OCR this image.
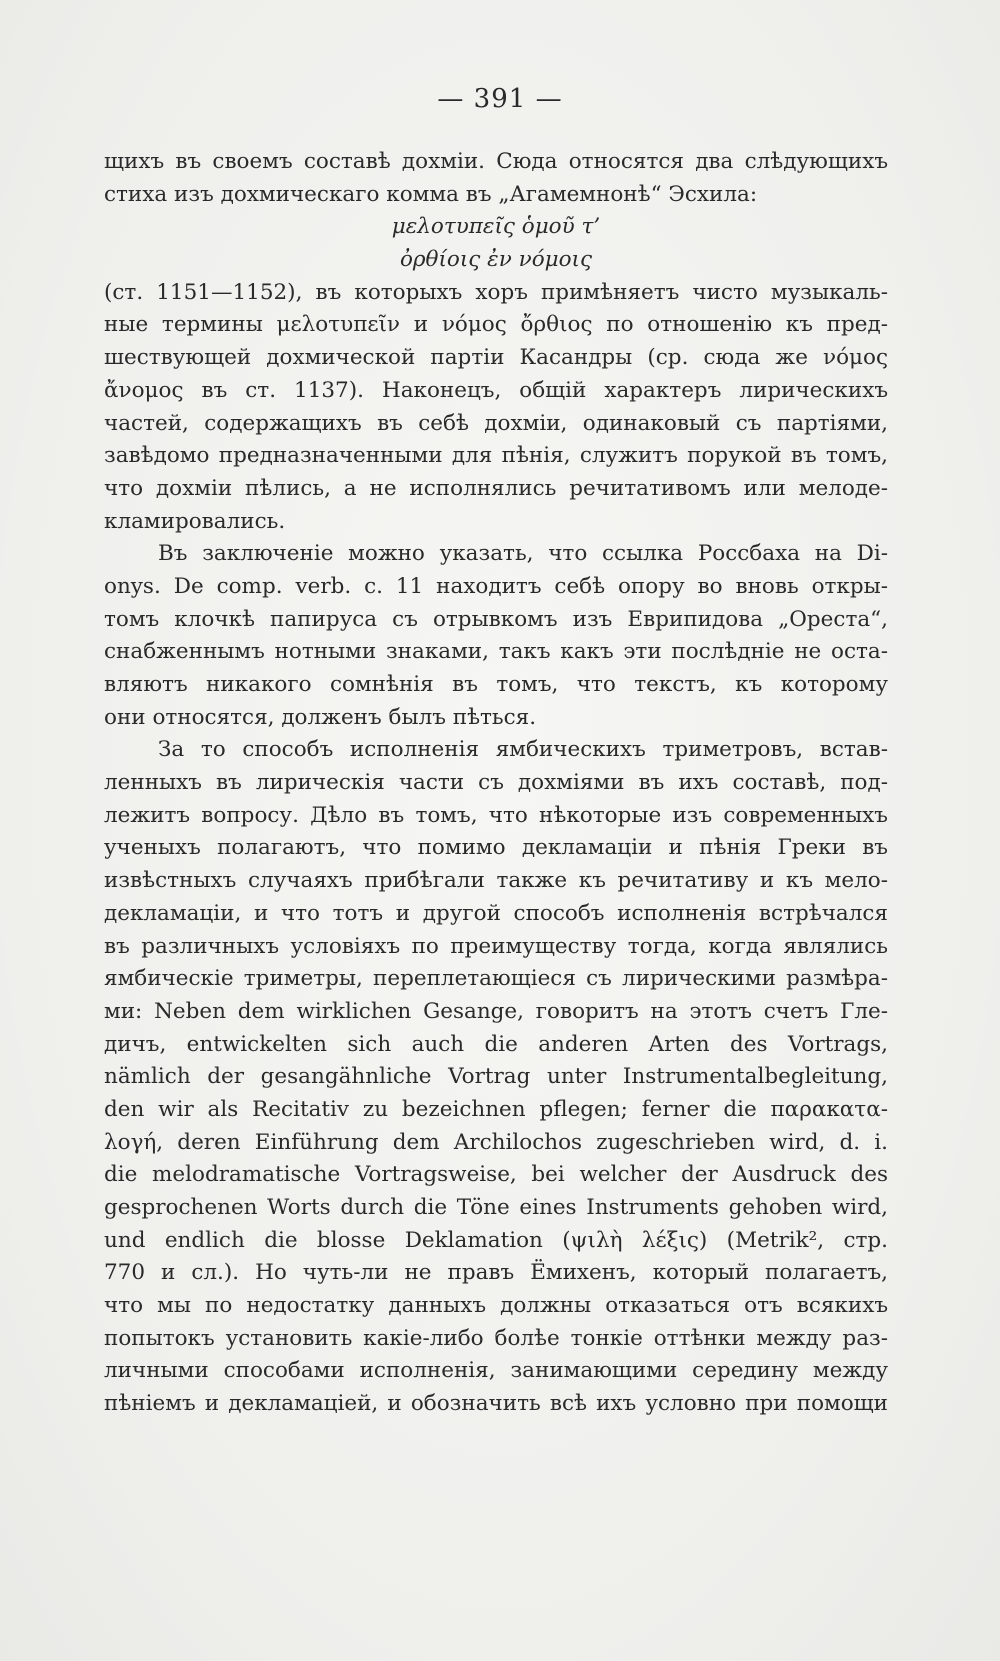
— 391 —
щихъ въ своемъ составѣ дохміи. Сюда относятся два слѣдующихъ
стиха изъ дохмическаго комма въ „Агамемнонѣ“ Эсхила:
μελοτυπεῖς ὁμοῦ τ’
ὀρθίοις ἐν νόμοις
(ст. 1151—1152), въ которыхъ хоръ примѣняетъ чисто музыкаль-
ные термины μελοτυπεῖν и νόμος ὄρθιος по отношенію къ пред-
шествующей дохмической партіи Касандры (ср. сюда же νόμος
ἄνομος въ ст. 1137). Наконецъ, общій характеръ лирическихъ
частей, содержащихъ въ себѣ дохміи, одинаковый съ партіями,
завѣдомо предназначенными для пѣнія, служитъ порукой въ томъ,
что дохміи пѣлись, а не исполнялись речитативомъ или мелоде-
кламировались.
Въ заключеніе можно указать, что ссылка Россбаха на Di-
onys. De comp. verb. c. 11 находитъ себѣ опору во вновь откры-
томъ клочкѣ папируса съ отрывкомъ изъ Еврипидова „Ореста“,
снабженнымъ нотными знаками, такъ какъ эти послѣдніе не оста-
вляютъ никакого сомнѣнія въ томъ, что текстъ, къ которому
они относятся, долженъ былъ пѣться.
За то способъ исполненія ямбическихъ триметровъ, встав-
ленныхъ въ лирическія части съ дохміями въ ихъ составѣ, под-
лежитъ вопросу. Дѣло въ томъ, что нѣкоторые изъ современныхъ
ученыхъ полагаютъ, что помимо декламаціи и пѣнія Греки въ
извѣстныхъ случаяхъ прибѣгали также къ речитативу и къ мело-
декламаціи, и что тотъ и другой способъ исполненія встрѣчался
въ различныхъ условіяхъ по преимуществу тогда, когда являлись
ямбическіе триметры, переплетающіеся съ лирическими размѣра-
ми: Neben dem wirklichen Gesange, говоритъ на этотъ счетъ Гле-
дичъ, entwickelten sich auch die anderen Arten des Vortrags,
nämlich der gesangähnliche Vortrag unter Instrumentalbegleitung,
den wir als Recitativ zu bezeichnen pflegen; ferner die παρακατα-
λογή, deren Einführung dem Archilochos zugeschrieben wird, d. i.
die melodramatische Vortragsweise, bei welcher der Ausdruck des
gesprochenen Worts durch die Töne eines Instruments gehoben wird,
und endlich die blosse Deklamation (ψιλὴ λέξις) (Metrik², стр.
770 и сл.). Но чуть-ли не правъ Ёмихенъ, который полагаетъ,
что мы по недостатку данныхъ должны отказаться отъ всякихъ
попытокъ установить какіе-либо болѣе тонкіе оттѣнки между раз-
личными способами исполненія, занимающими середину между
пѣніемъ и декламаціей, и обозначить всѣ ихъ условно при помощи
